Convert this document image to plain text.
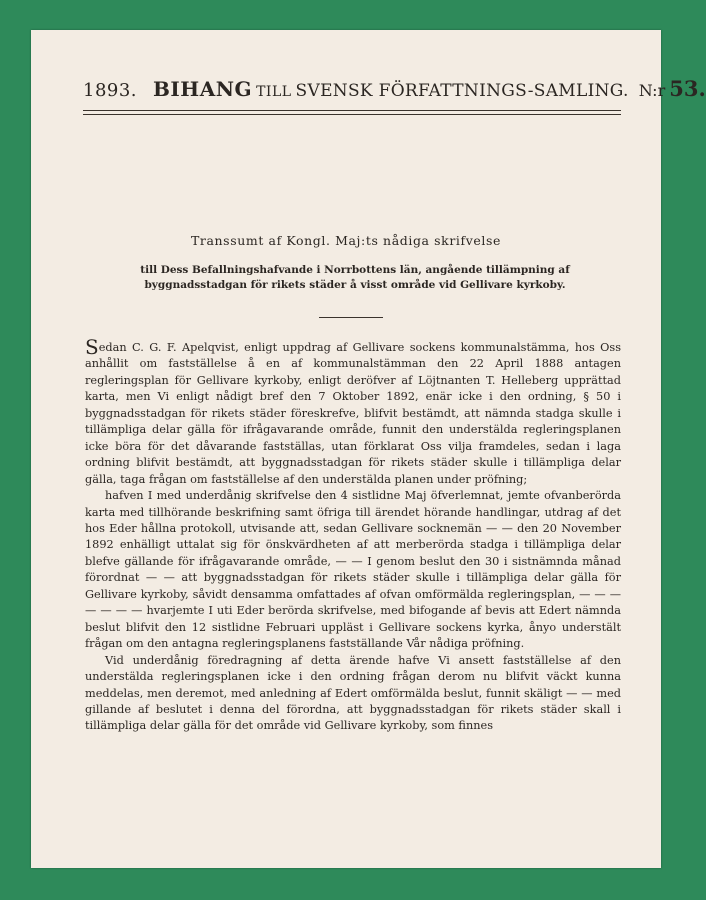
1893. BIHANG TILL SVENSK FÖRFATTNINGS-SAMLING. N:r 53.
Transsumt af Kongl. Maj:ts nådiga skrifvelse
till Dess Befallningshafvande i Norrbottens län, angående tillämpning af byggnadsstadgan för rikets städer å visst område vid Gellivare kyrkoby.

Sedan C. G. F. Apelqvist, enligt uppdrag af Gellivare sockens kommunalstämma, hos Oss anhållit om fastställelse å en af kommunalstämman den 22 April 1888 antagen regleringsplan för Gellivare kyrkoby, enligt deröfver af Löjtnanten T. Helleberg upprättad karta, men Vi enligt nådigt bref den 7 Oktober 1892, enär icke i den ordning, § 50 i byggnadsstadgan för rikets städer föreskrefve, blifvit bestämdt, att nämnda stadga skulle i tillämpliga delar gälla för ifrågavarande område, funnit den understälda regleringsplanen icke böra för det dåvarande fastställas, utan förklarat Oss vilja framdeles, sedan i laga ordning blifvit bestämdt, att byggnadsstadgan för rikets städer skulle i tillämpliga delar gälla, taga frågan om fastställelse af den understälda planen under pröfning;

hafven I med underdånig skrifvelse den 4 sistlidne Maj öfverlemnat, jemte ofvanberörda karta med tillhörande beskrifning samt öfriga till ärendet hörande handlingar, utdrag af det hos Eder hållna protokoll, utvisande att, sedan Gellivare socknemän — — den 20 November 1892 enhälligt uttalat sig för önskvärdheten af att merberörda stadga i tillämpliga delar blefve gällande för ifrågavarande område, — — I genom beslut den 30 i sistnämnda månad förordnat — — att byggnadsstadgan för rikets städer skulle i tillämpliga delar gälla för Gellivare kyrkoby, såvidt densamma omfattades af ofvan omförmälda regleringsplan, — — — — — — — hvarjemte I uti Eder berörda skrifvelse, med bifogande af bevis att Edert nämnda beslut blifvit den 12 sistlidne Februari uppläst i Gellivare sockens kyrka, ånyo understält frågan om den antagna regleringsplanens fastställande Vår nådiga pröfning.

Vid underdånig föredragning af detta ärende hafve Vi ansett fastställelse af den understälda regleringsplanen icke i den ordning frågan derom nu blifvit väckt kunna meddelas, men deremot, med anledning af Edert omförmälda beslut, funnit skäligt — — med gillande af beslutet i denna del förordna, att byggnadsstadgan för rikets städer skall i tillämpliga delar gälla för det område vid Gellivare kyrkoby, som finnes
